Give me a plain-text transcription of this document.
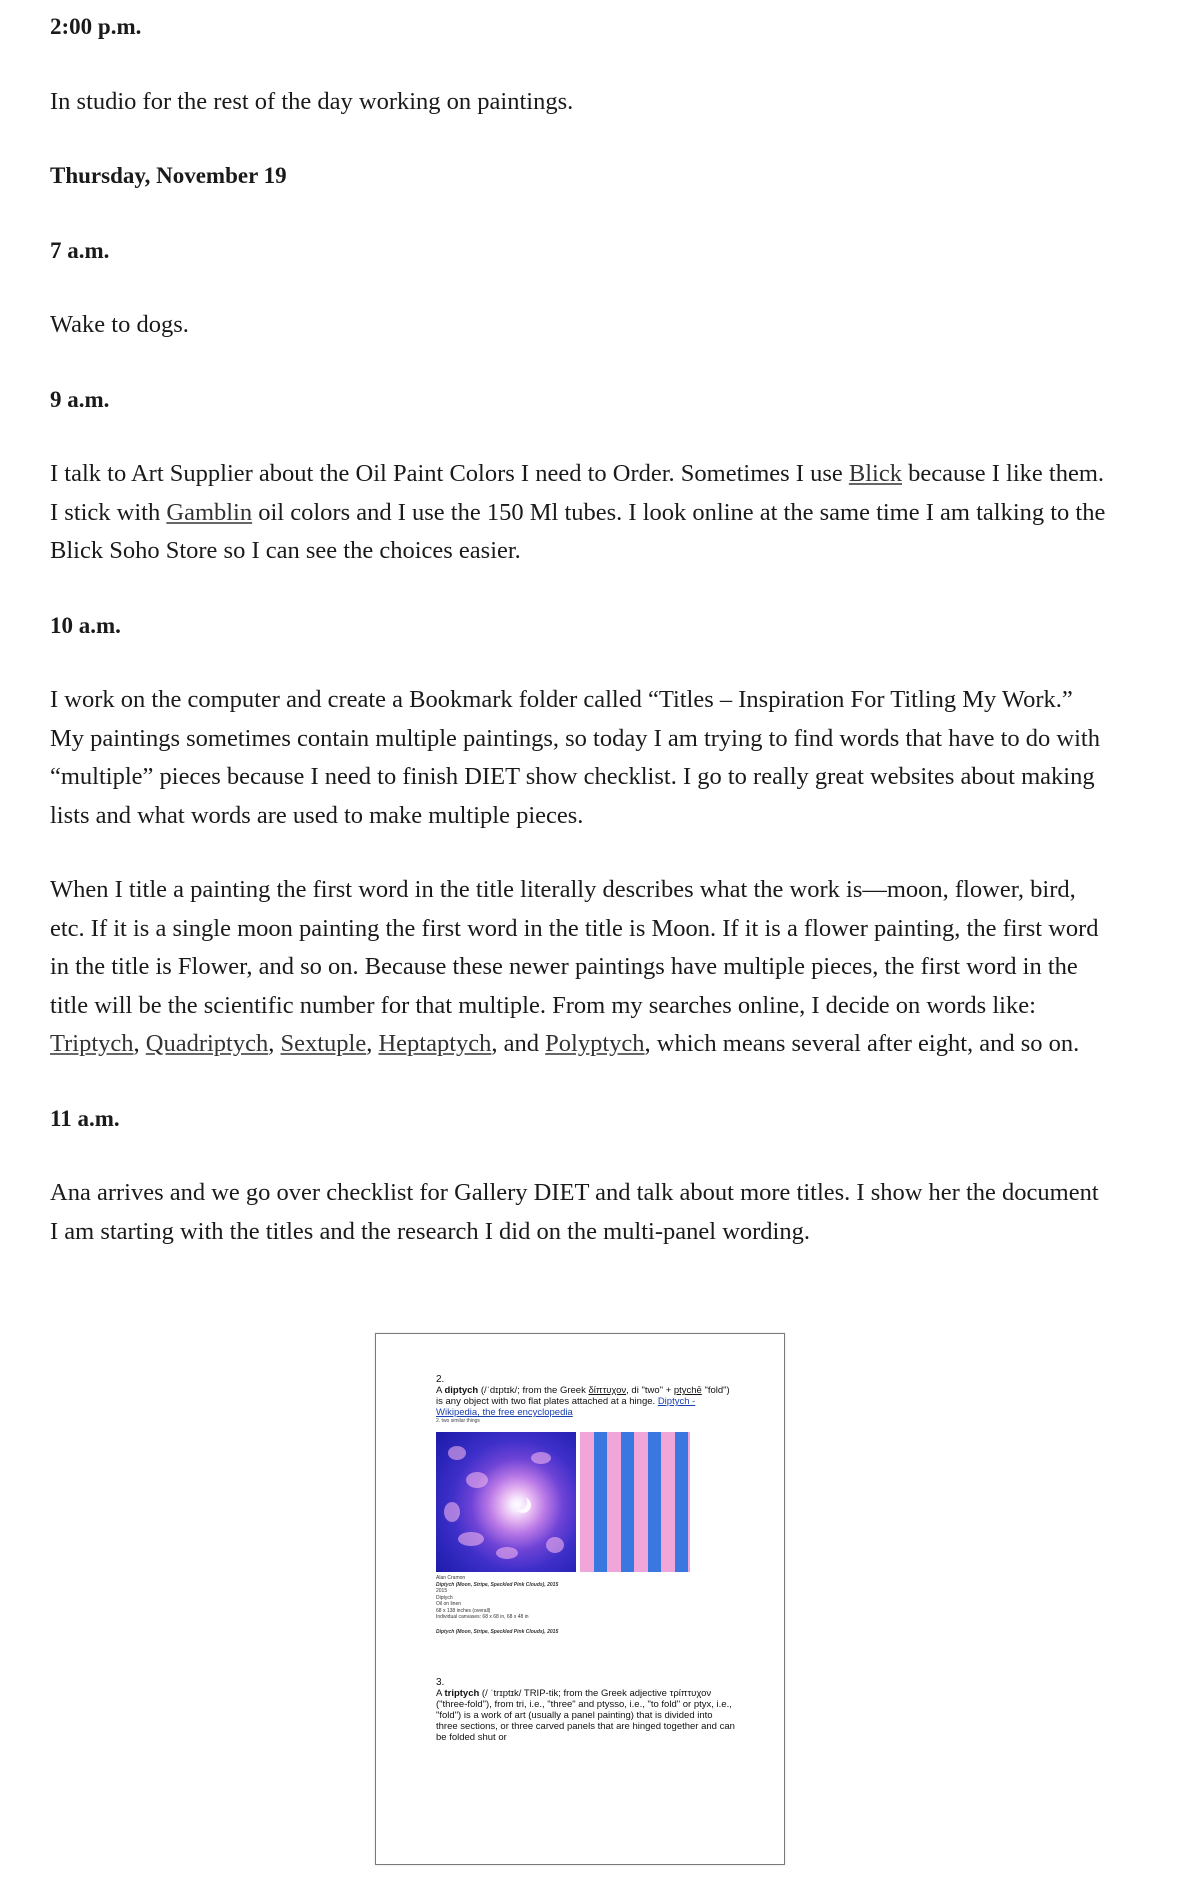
2:00 p.m.

In studio for the rest of the day working on paintings.

Thursday, November 19

7 a.m.

Wake to dogs.

9 a.m.

I talk to Art Supplier about the Oil Paint Colors I need to Order. Sometimes I use Blick because I like them. I stick with Gamblin oil colors and I use the 150 Ml tubes. I look online at the same time I am talking to the Blick Soho Store so I can see the choices easier.

10 a.m.

I work on the computer and create a Bookmark folder called “Titles – Inspiration For Titling My Work.” My paintings sometimes contain multiple paintings, so today I am trying to find words that have to do with “multiple” pieces because I need to finish DIET show checklist. I go to really great websites about making lists and what words are used to make multiple pieces.

When I title a painting the first word in the title literally describes what the work is—moon, flower, bird, etc. If it is a single moon painting the first word in the title is Moon. If it is a flower painting, the first word in the title is Flower, and so on. Because these newer paintings have multiple pieces, the first word in the title will be the scientific number for that multiple. From my searches online, I decide on words like: Triptych, Quadriptych, Sextuple, Heptaptych, and Polyptych, which means several after eight, and so on.

11 a.m.

Ana arrives and we go over checklist for Gallery DIET and talk about more titles. I show her the document I am starting with the titles and the research I did on the multi-panel wording.

2.

A diptych (/ˈdɪptɪk/; from the Greek δίπτυχον, di "two" + ptychē "fold") is any object with two flat plates attached at a hinge. Diptych - Wikipedia, the free encyclopedia

2. two similar things
Alan Cramon
Diptych (Moon, Stripe, Speckled Pink Clouds), 2015
2015
Diptych
Oil on linen
68 x 138 inches (overall)
Individual canvases: 68 x 68 in, 68 x 48 in
Diptych (Moon, Stripe, Speckled Pink Clouds), 2015
3.

A triptych (/ ˈtrɪptɪk/ TRIP-tik; from the Greek adjective τρίπτυχον ("three-fold"), from tri, i.e., "three" and ptysso, i.e., "to fold" or ptyx, i.e., "fold") is a work of art (usually a panel painting) that is divided into three sections, or three carved panels that are hinged together and can be folded shut or
